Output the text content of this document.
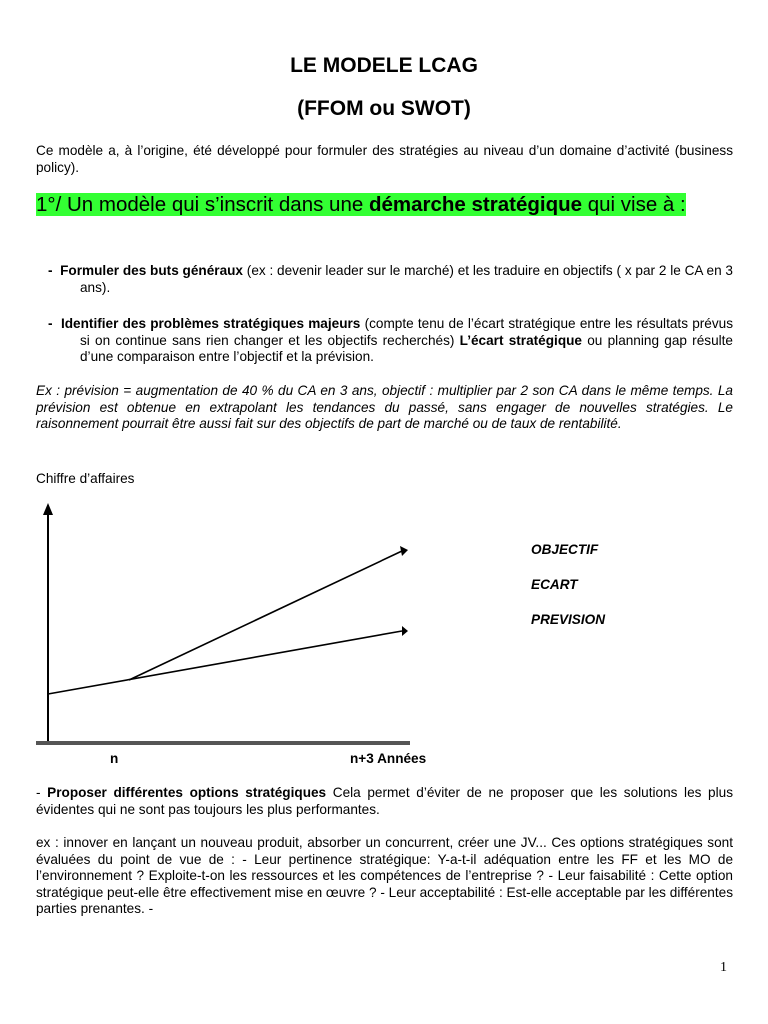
LE MODELE LCAG
(FFOM ou SWOT)
Ce modèle a, à l’origine, été développé pour formuler des stratégies au niveau d’un domaine d’activité (business policy).
1°/ Un modèle qui s’inscrit dans une démarche stratégique qui vise à :
- Formuler des buts généraux (ex : devenir leader sur le marché) et les traduire en objectifs ( x par 2 le CA en 3 ans).
- Identifier des problèmes stratégiques majeurs (compte tenu de l’écart stratégique entre les résultats prévus si on continue sans rien changer et les objectifs recherchés) L’écart stratégique ou planning gap résulte d’une comparaison entre l’objectif et la prévision.
Ex : prévision = augmentation de 40 % du CA en 3 ans, objectif : multiplier par 2 son CA dans le même temps. La prévision est obtenue en extrapolant les tendances du passé, sans engager de nouvelles stratégies. Le raisonnement pourrait être aussi fait sur des objectifs de part de marché ou de taux de rentabilité.
Chiffre d’affaires
OBJECTIF
ECART
PREVISION
n	n+3 Années
- Proposer différentes options stratégiques Cela permet d’éviter de ne proposer que les solutions les plus évidentes qui ne sont pas toujours les plus performantes.
ex : innover en lançant un nouveau produit, absorber un concurrent, créer une JV... Ces options stratégiques sont évaluées du point de vue de : - Leur pertinence stratégique: Y-a-t-il adéquation entre les FF et les MO de l’environnement ? Exploite-t-on les ressources et les compétences de l’entreprise ? - Leur faisabilité : Cette option stratégique peut-elle être effectivement mise en œuvre ? - Leur acceptabilité : Est-elle acceptable par les différentes parties prenantes. -
1
